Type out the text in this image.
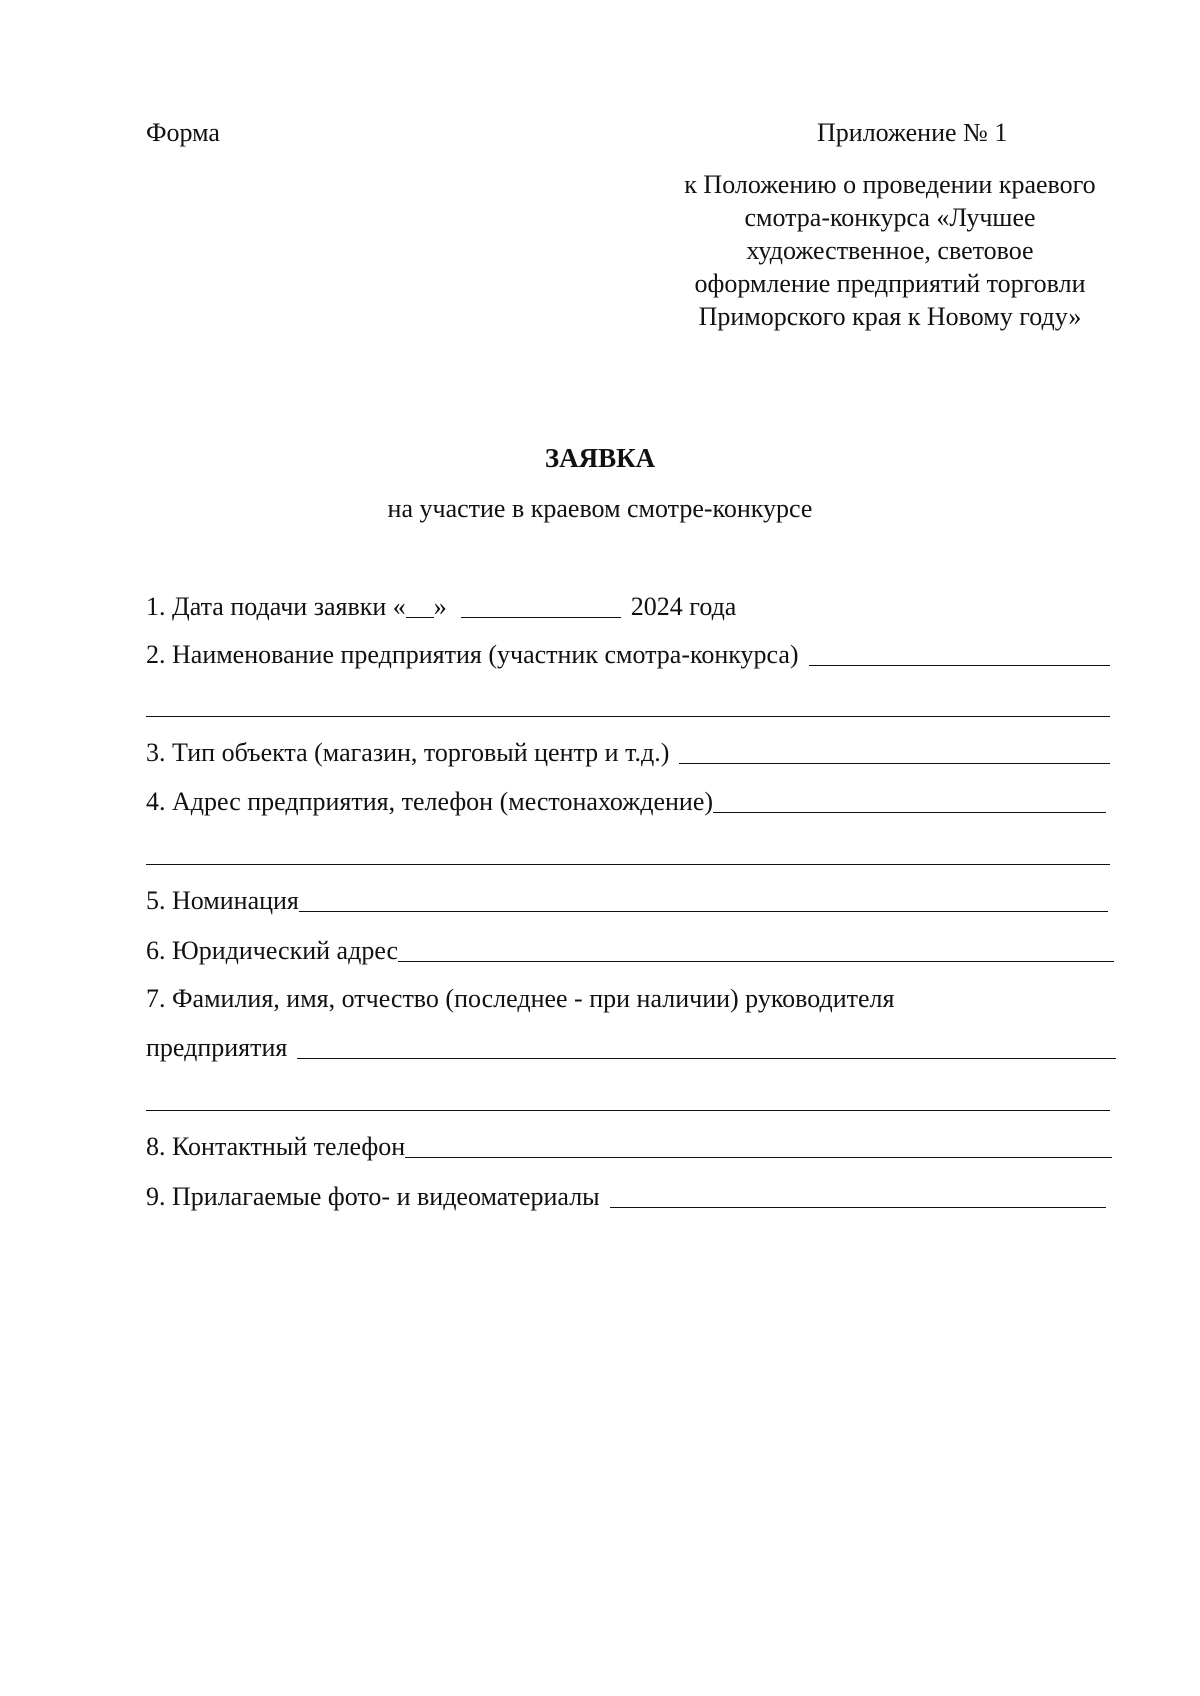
Форма	Приложение № 1
к Положению о проведении краевого
смотра-конкурса «Лучшее
художественное, световое
оформление предприятий торговли
Приморского края к Новому году»
ЗАЯВКА
на участие в краевом смотре-конкурсе
1. Дата подачи заявки « »	2024 года
2. Наименование предприятия (участник смотра-конкурса)
3. Тип объекта (магазин, торговый центр и т.д.)
4. Адрес предприятия, телефон (местонахождение)
5. Номинация
6. Юридический адрес
7. Фамилия, имя, отчество (последнее - при наличии) руководителя
предприятия
8. Контактный телефон
9. Прилагаемые фото- и видеоматериалы
